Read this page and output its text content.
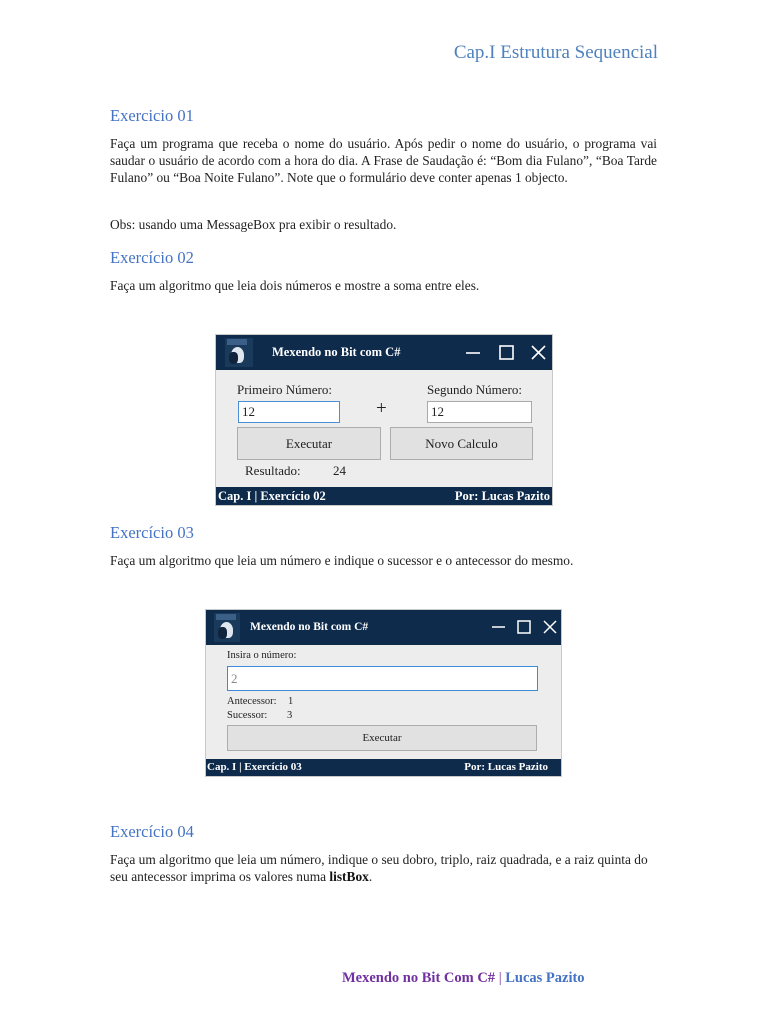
Cap.I Estrutura Sequencial
Exercicio 01
Faça um programa que receba o nome do usuário. Após pedir o nome do usuário, o programa vai saudar o usuário de acordo com a hora do dia. A Frase de Saudação é: “Bom dia Fulano”, “Boa Tarde Fulano” ou “Boa Noite Fulano”. Note que o formulário deve conter apenas 1 objecto.
Obs: usando uma MessageBox pra exibir o resultado.
Exercício 02
Faça um algoritmo que leia dois números e mostre a soma entre eles.
Mexendo no Bit com C#
Primeiro Número:	Segundo Número:
12	+	12
Executar	Novo Calculo
Resultado: 24
Cap. I | Exercício 02	Por: Lucas Pazito
Exercício 03
Faça um algoritmo que leia um número e indique o sucessor e o antecessor do mesmo.
Mexendo no Bit com C#
Insira o número:
2
Antecessor: 1
Sucessor: 3
Executar
Cap. I | Exercício 03	Por: Lucas Pazito
Exercício 04
Faça um algoritmo que leia um número, indique o seu dobro, triplo, raiz quadrada, e a raiz quinta do seu antecessor imprima os valores numa listBox.
Mexendo no Bit Com C# | Lucas Pazito
